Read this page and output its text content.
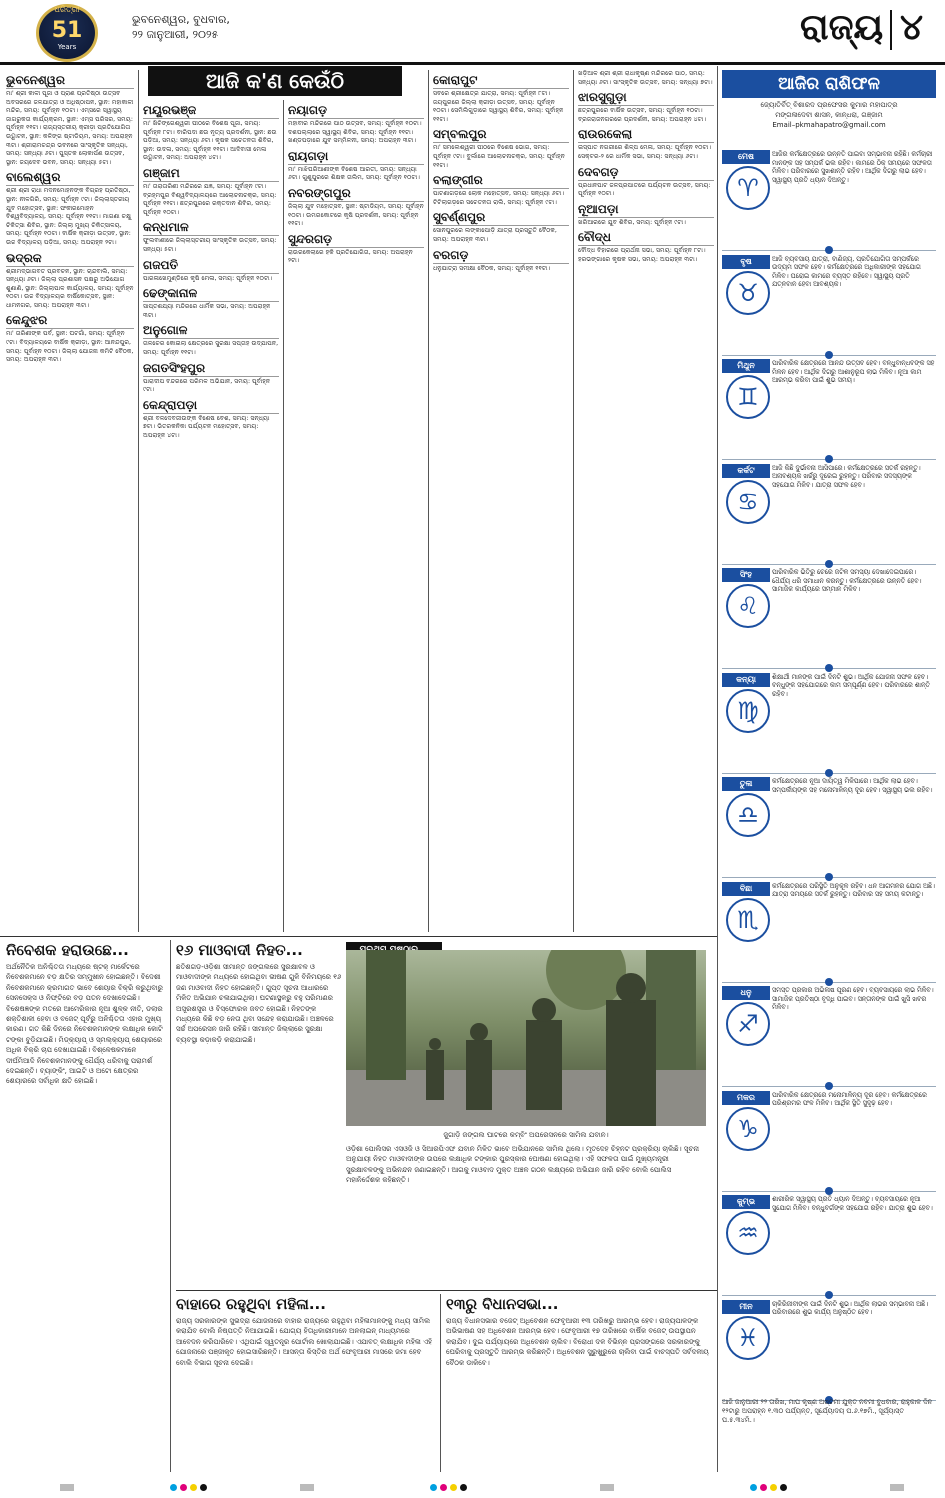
ଧରିତ୍ରୀ
51
Years
ଭୁବନେଶ୍ୱର, ବୁଧବାର,
୨୨ ଜାନୁଆରୀ, ୨୦୨୫	ରାଜ୍ୟ ୪
ଆଜି କ'ଣ କେଉଁଠି
ଭୁବନେଶ୍ୱର
ମା' ଶ୍ରୀ କାଳୀ ପୂଜା ଓ ପ୍ରାଣ ପ୍ରତିଷ୍ଠା ଉତ୍ସବ ଅବସରରେ ଜଳଯାତ୍ରା ଓ ଅଧିଷ୍ଠାପନ, ସ୍ଥାନ: ମହାକାଳୀ ମନ୍ଦିର, ସମୟ: ପୂର୍ବାହ୍ନ ୧୦ଟା। ଏମ୍ସରେ ସ୍ୱାସ୍ଥ୍ୟ ଜାଗରୁକତା କାର୍ଯ୍ୟକ୍ରମ, ସ୍ଥାନ: ଏମ୍ସ ପରିସର, ସମୟ: ପୂର୍ବାହ୍ନ ୧୧ଟା। ରାଜ୍ୟସ୍ତରୀୟ କ୍ରୀଡ଼ା ପ୍ରତିଯୋଗିତା ଉଦ୍ଘାଟନ, ସ୍ଥାନ: କଳିଙ୍ଗ ଷ୍ଟାଡିୟମ, ସମୟ: ଅପରାହ୍ନ ୩ଟା। ଶ୍ରୀରାମଚନ୍ଦ୍ର ଭବନରେ ସାଂସ୍କୃତିକ ସନ୍ଧ୍ୟା, ସମୟ: ସନ୍ଧ୍ୟା ୬ଟା। ପୁସ୍ତକ ଲୋକାର୍ପଣ ଉତ୍ସବ, ସ୍ଥାନ: ଜୟଦେବ ଭବନ, ସମୟ: ସନ୍ଧ୍ୟା ୫ଟା।
ବାଲେଶ୍ୱର
ଶ୍ରୀ ଶ୍ରୀ ରାଧା ମଦନମୋହନଙ୍କ ବିଗ୍ରହ ପ୍ରତିଷ୍ଠା, ସ୍ଥାନ: ନୀଳଗିରି, ସମୟ: ପୂର୍ବାହ୍ନ ୯ଟା। ଜିଲ୍ଲାସ୍ତରୀୟ ଯୁବ ମହୋତ୍ସବ, ସ୍ଥାନ: ଫକୀରମୋହନ ବିଶ୍ୱବିଦ୍ୟାଳୟ, ସମୟ: ପୂର୍ବାହ୍ନ ୧୧ଟା। ମାଗଣା ଚକ୍ଷୁ ଚିକିତ୍ସା ଶିବିର, ସ୍ଥାନ: ଜିଲ୍ଲା ମୁଖ୍ୟ ଚିକିତ୍ସାଳୟ, ସମୟ: ପୂର୍ବାହ୍ନ ୧୦ଟା। ବାର୍ଷିକ କ୍ରୀଡ଼ା ଉତ୍ସବ, ସ୍ଥାନ: ଉଚ୍ଚ ବିଦ୍ୟାଳୟ ପଡ଼ିଆ, ସମୟ: ଅପରାହ୍ନ ୨ଟା।
ଭଦ୍ରକ
ଶ୍ରୀମଦ୍ଭାଗବତ ପ୍ରବଚନ, ସ୍ଥାନ: ଚାନ୍ଦବାଲି, ସମୟ: ସନ୍ଧ୍ୟା ୬ଟା। ଜିଲ୍ଲା ପ୍ରଶାସନ ପକ୍ଷରୁ ଅଭିଯୋଗ ଶୁଣାଣି, ସ୍ଥାନ: ଜିଲ୍ଲାପାଳ କାର୍ଯ୍ୟାଳୟ, ସମୟ: ପୂର୍ବାହ୍ନ ୧୦ଟା। ଉଚ୍ଚ ବିଦ୍ୟାଳୟର ବାର୍ଷିକୋତ୍ସବ, ସ୍ଥାନ: ଧାମନଗର, ସମୟ: ଅପରାହ୍ନ ୩ଟା।
କେନ୍ଦୁଝର
ମା' ତାରିଣୀଙ୍କ ପର୍ବ, ସ୍ଥାନ: ଘଟଗାଁ, ସମୟ: ପୂର୍ବାହ୍ନ ୯ଟା। ବିଦ୍ୟାଳୟରେ ବାର୍ଷିକ କ୍ରୀଡ଼ା, ସ୍ଥାନ: ଆନନ୍ଦପୁର, ସମୟ: ପୂର୍ବାହ୍ନ ୧୦ଟା। ଜିଲ୍ଲା ଯୋଜନା କମିଟି ବୈଠକ, ସମୟ: ଅପରାହ୍ନ ୩ଟା।
ମୟୂରଭଞ୍ଜ
ମା' ଖିଚିଙ୍ଗେଶ୍ୱରୀ ପୀଠରେ ବିଶେଷ ପୂଜା, ସମୟ: ପୂର୍ବାହ୍ନ ୮ଟା। ବାରିପଦା ଛଉ ନୃତ୍ୟ ପ୍ରଦର୍ଶନୀ, ସ୍ଥାନ: ଛଉ ପଡ଼ିଆ, ସମୟ: ସନ୍ଧ୍ୟା ୬ଟା। କୃଷକ ସଚେତନତା ଶିବିର, ସ୍ଥାନ: ଉଦଳା, ସମୟ: ପୂର୍ବାହ୍ନ ୧୧ଟା। ଆଦିବାସୀ ମେଳା ଉଦ୍ଘାଟନ, ସମୟ: ଅପରାହ୍ନ ୪ଟା।
ଗଞ୍ଜାମ
ମା' ତାରାତାରିଣୀ ମନ୍ଦିରରେ ଯଜ୍ଞ, ସମୟ: ପୂର୍ବାହ୍ନ ୯ଟା। ବ୍ରହ୍ମପୁର ବିଶ୍ୱବିଦ୍ୟାଳୟରେ ଆଲୋଚନାଚକ୍ର, ସମୟ: ପୂର୍ବାହ୍ନ ୧୧ଟା। ଛତ୍ରପୁରରେ ରକ୍ତଦାନ ଶିବିର, ସମୟ: ପୂର୍ବାହ୍ନ ୧୦ଟା।
କନ୍ଧମାଳ
ଫୁଲବାଣୀରେ ଜିଲ୍ଲାସ୍ତରୀୟ ସାଂସ୍କୃତିକ ଉତ୍ସବ, ସମୟ: ସନ୍ଧ୍ୟା ୫ଟା।
ଗଜପତି
ପାରଳାଖେମୁଣ୍ଡିରେ କୃଷି ମେଳା, ସମୟ: ପୂର୍ବାହ୍ନ ୧୦ଟା।
ଢେଙ୍କାନାଳ
ସାପ୍ତଶଯ୍ୟା ମନ୍ଦିରରେ ଧାର୍ମିକ ସଭା, ସମୟ: ଅପରାହ୍ନ ୩ଟା।
ଅନୁଗୋଳ
ତାଳଚେର କୋଇଲା କ୍ଷେତ୍ରରେ ସୁରକ୍ଷା ସପ୍ତାହ ଉଦ୍ଯାପନ, ସମୟ: ପୂର୍ବାହ୍ନ ୧୧ଟା।
ଜଗତସିଂହପୁର
ପାରାଦୀପ ବନ୍ଦରରେ ପରିମଳ ଅଭିଯାନ, ସମୟ: ପୂର୍ବାହ୍ନ ୯ଟା।
କେନ୍ଦ୍ରାପଡ଼ା
ଶ୍ରୀ ବଳଦେବଜୀଉଙ୍କ ବିଶେଷ ବେଶ, ସମୟ: ସନ୍ଧ୍ୟା ୭ଟା। ଭିତରକନିକା ପର୍ଯ୍ୟଟନ ମହୋତ୍ସବ, ସମୟ: ଅପରାହ୍ନ ୪ଟା।
ନୟାଗଡ଼
ମହାବୀର ମନ୍ଦିରରେ ପାଠ ଉତ୍ସବ, ସମୟ: ପୂର୍ବାହ୍ନ ୧୦ଟା। ଦଶପଲ୍ଲାରେ ସ୍ୱାସ୍ଥ୍ୟ ଶିବିର, ସମୟ: ପୂର୍ବାହ୍ନ ୧୧ଟା। ଖଣ୍ଡପଡ଼ାରେ ଯୁବ ସମ୍ମିଳନୀ, ସମୟ: ଅପରାହ୍ନ ୩ଟା।
ରାୟଗଡ଼ା
ମା' ମାଝିଘରିଆଣୀଙ୍କ ବିଶେଷ ଆରତୀ, ସମୟ: ସନ୍ଧ୍ୟା ୬ଟା। ଗୁଣୁପୁରରେ ଶିକ୍ଷକ ତାଲିମ, ସମୟ: ପୂର୍ବାହ୍ନ ୧୦ଟା।
ନବରଙ୍ଗପୁର
ଜିଲ୍ଲା ଯୁବ ମହୋତ୍ସବ, ସ୍ଥାନ: ଷ୍ଟାଡିୟମ, ସମୟ: ପୂର୍ବାହ୍ନ ୧୦ଟା। ଉମରକୋଟରେ କୃଷି ପ୍ରଦର୍ଶନୀ, ସମୟ: ପୂର୍ବାହ୍ନ ୧୧ଟା।
ସୁନ୍ଦରଗଡ଼
ରାଉରକେଲାରେ ହକି ପ୍ରତିଯୋଗିତା, ସମୟ: ଅପରାହ୍ନ ୨ଟା।
କୋରାପୁଟ
ସବରେ ଶ୍ରୀକ୍ଷେତ୍ର ଯାତ୍ରା, ସମୟ: ପୂର୍ବାହ୍ନ ୮ଟା। ଜୟପୁରରେ ଜିଲ୍ଲା କ୍ରୀଡ଼ା ଉତ୍ସବ, ସମୟ: ପୂର୍ବାହ୍ନ ୧୦ଟା। ସେମିଲିଗୁଡ଼ାରେ ସ୍ୱାସ୍ଥ୍ୟ ଶିବିର, ସମୟ: ପୂର୍ବାହ୍ନ ୧୧ଟା।
ସମ୍ବଲପୁର
ମା' ସମଲେଶ୍ୱରୀ ପୀଠରେ ବିଶେଷ ଭୋଗ, ସମୟ: ପୂର୍ବାହ୍ନ ୯ଟା। ବୁର୍ଲାରେ ଆଲୋଚନାଚକ୍ର, ସମୟ: ପୂର୍ବାହ୍ନ ୧୧ଟା।
ବଲାଙ୍ଗୀର
ପାଟଣାଗଡ଼ରେ ଲୋକ ମହୋତ୍ସବ, ସମୟ: ସନ୍ଧ୍ୟା ୬ଟା। ଟିଟିଲାଗଡ଼ରେ ସଚେତନତା ରାଲି, ସମୟ: ପୂର୍ବାହ୍ନ ୯ଟା।
ସୁବର୍ଣ୍ଣପୁର
ସୋନପୁରରେ ଲଙ୍କାପୋଡ଼ି ଯାତ୍ରା ପ୍ରସ୍ତୁତି ବୈଠକ, ସମୟ: ଅପରାହ୍ନ ୩ଟା।
ବରଗଡ଼
ଧନୁଯାତ୍ରା ସମୀକ୍ଷା ବୈଠକ, ସମୟ: ପୂର୍ବାହ୍ନ ୧୧ଟା।
ଖଡ଼ିଆଳ ଶ୍ରୀ ଶ୍ରୀ ରାଧାକୃଷ୍ଣ ମନ୍ଦିରରେ ପାଠ, ସମୟ: ସନ୍ଧ୍ୟା ୬ଟା। ସାଂସ୍କୃତିକ ଉତ୍ସବ, ସମୟ: ସନ୍ଧ୍ୟା ୭ଟା।
ଝାରସୁଗୁଡ଼ା
ଛତ୍ରପୁରରେ ବାର୍ଷିକ ଉତ୍ସବ, ସମୟ: ପୂର୍ବାହ୍ନ ୧୦ଟା। ବ୍ରଜରାଜନଗରରେ ପ୍ରଦର୍ଶନୀ, ସମୟ: ଅପରାହ୍ନ ୪ଟା।
ରାଉରକେଲା
ଇସ୍ପାତ ନଗରୀରେ ଶିଳ୍ପ ମେଳା, ସମୟ: ପୂର୍ବାହ୍ନ ୧୦ଟା। ସେକ୍ଟର-୨ ରେ ଧାର୍ମିକ ସଭା, ସମୟ: ସନ୍ଧ୍ୟା ୬ଟା।
ଦେବଗଡ଼
ପ୍ରଧାନପାଟ ଜଳପ୍ରପାତରେ ପର୍ଯ୍ୟଟନ ଉତ୍ସବ, ସମୟ: ପୂର୍ବାହ୍ନ ୧୦ଟା।
ନୂଆପଡ଼ା
ଖରିଆରରେ ଯୁବ ଶିବିର, ସମୟ: ପୂର୍ବାହ୍ନ ୯ଟା।
ବୌଦ୍ଧ
ବୌଦ୍ଧ ବିହାରରେ ପ୍ରାର୍ଥନା ସଭା, ସମୟ: ପୂର୍ବାହ୍ନ ୮ଟା। ହରଭଙ୍ଗାରେ କୃଷକ ସଭା, ସମୟ: ଅପରାହ୍ନ ୩ଟା।
ଆଜିର ରାଶିଫଳ
ଜ୍ୟୋତିର୍ବିତ୍ ବିଶାରଦ ପ୍ରଫେସର କୁମାର ମହାପାତ୍ର
ମଙ୍ଗଳାଦେବୀ ଶାସନ, କାନ୍ଧରା, ଗଞ୍ଜାମ
Email–pkmahapatro@gmail.com
ମେଷ
♈
ଆଜିର କର୍ମକ୍ଷେତ୍ରରେ ଉନ୍ନତି ପାଇବା ସମ୍ଭାବନା ରହିଛି। କର୍ମଚାରୀ ମାନଙ୍କ ସହ ସମ୍ପର୍କ ଭଲ ରହିବ। କାମରେ ଠିକ୍ ସମୟରେ ସଫଳତା ମିଳିବ। ପରିବାରରେ ସୁଖଶାନ୍ତି ରହିବ। ଆର୍ଥିକ ଦିଗରୁ ଲାଭ ହେବ। ସ୍ୱାସ୍ଥ୍ୟ ପ୍ରତି ଧ୍ୟାନ ଦିଅନ୍ତୁ।
ବୃଷ
♉
ଆଜି ବ୍ୟବସାୟ ଯାତ୍ରା, ବାଣିଜ୍ୟ, ପ୍ରତିଯୋଗିତା ସମ୍ପର୍କରେ ଉଦ୍ୟମ ସଫଳ ହେବ। କର୍ମକ୍ଷେତ୍ରରେ ଅଧିକାରୀଙ୍କ ସହଯୋଗ ମିଳିବ। ଘରୋଇ କାମରେ ବ୍ୟସ୍ତ ରହିବେ। ସ୍ୱାସ୍ଥ୍ୟ ପ୍ରତି ଯତ୍ନବାନ ହେବା ଆବଶ୍ୟକ।
ମିଥୁନ
♊
ପାରିବାରିକ କ୍ଷେତ୍ରରେ ଆନନ୍ଦ ଉତ୍ସବ ହେବ। ବନ୍ଧୁବାନ୍ଧବଙ୍କ ସହ ମିଳନ ହେବ। ଆର୍ଥିକ ଦିଗରୁ ଆଶାନୁରୂପ ଲାଭ ମିଳିବ। ନୂଆ କାମ ଆରମ୍ଭ କରିବା ପାଇଁ ଶୁଭ ସମୟ।
କର୍କଟ
♋
ଆଜି କିଛି ଦୁର୍ଭାବନା ଆସିପାରେ। କର୍ମକ୍ଷେତ୍ରରେ ସତର୍କ ରହନ୍ତୁ। ଅନାବଶ୍ୟକ ଖର୍ଚ୍ଚରୁ ଦୂରେଇ ରୁହନ୍ତୁ। ପରିବାର ସଦସ୍ୟଙ୍କ ସହଯୋଗ ମିଳିବ। ଯାତ୍ରା ସଫଳ ହେବ।
ସିଂହ
♌
ପାରିବାରିକ ଭିତିରୁ ଚେରେ ଜଟିଳ ସମସ୍ୟା ଦେଖାଦେଇପାରେ। ଧୈର୍ଯ୍ୟ ଧରି ସମାଧାନ କରନ୍ତୁ। କର୍ମକ୍ଷେତ୍ରରେ ଉନ୍ନତି ହେବ। ସାମାଜିକ କାର୍ଯ୍ୟରେ ସମ୍ମାନ ମିଳିବ।
କନ୍ୟା
♍
ଶିକ୍ଷାର୍ଥୀ ମାନଙ୍କ ପାଇଁ ଦିନଟି ଶୁଭ। ଆର୍ଥିକ ଯୋଜନା ସଫଳ ହେବ। ବନ୍ଧୁଙ୍କ ସହଯୋଗରେ କାମ ସମ୍ପୂର୍ଣ୍ଣ ହେବ। ପରିବାରରେ ଶାନ୍ତି ରହିବ।
ତୁଳା
♎
କର୍ମକ୍ଷେତ୍ରରେ ନୂଆ ଦାୟିତ୍ୱ ମିଳିପାରେ। ଆର୍ଥିକ ଲାଭ ହେବ। ସମ୍ପର୍କୀୟଙ୍କ ସହ ମନୋମାଳିନ୍ୟ ଦୂର ହେବ। ସ୍ୱାସ୍ଥ୍ୟ ଭଲ ରହିବ।
ବିଛା
♏
କର୍ମକ୍ଷେତ୍ରରେ ପରିସ୍ଥିତି ଅନୁକୂଳ ରହିବ। ଧନ ଆଗମନର ଯୋଗ ଅଛି। ଯାତ୍ରା ସମୟରେ ସତର୍କ ରୁହନ୍ତୁ। ପରିବାର ସହ ସମୟ କଟାନ୍ତୁ।
ଧନୁ
♐
ସମସ୍ତ ପ୍ରକାର ଅଭିଳାଷ ପୂରଣ ହେବ। ବ୍ୟବସାୟରେ ଲାଭ ମିଳିବ। ସାମାଜିକ ପ୍ରତିଷ୍ଠା ବୃଦ୍ଧି ପାଇବ। ସନ୍ତାନଙ୍କ ପାଇଁ ଖୁସି ଖବର ମିଳିବ।
ମକର
♑
ପାରିବାରିକ କ୍ଷେତ୍ରରେ ମନୋମାଳିନ୍ୟ ଦୂର ହେବ। କର୍ମକ୍ଷେତ୍ରରେ ପରିଶ୍ରମର ଫଳ ମିଳିବ। ଆର୍ଥିକ ସ୍ଥିତି ସୁଦୃଢ଼ ହେବ।
କୁମ୍ଭ
♒
ଶାରୀରିକ ସ୍ୱାସ୍ଥ୍ୟ ପ୍ରତି ଧ୍ୟାନ ଦିଅନ୍ତୁ। ବ୍ୟବସାୟରେ ନୂଆ ସୁଯୋଗ ମିଳିବ। ବନ୍ଧୁବର୍ଗଙ୍କ ସହଯୋଗ ରହିବ। ଯାତ୍ରା ଶୁଭ ହେବ।
ମୀନ
♓
ଚାକିରିଜୀବୀଙ୍କ ପାଇଁ ଦିନଟି ଶୁଭ। ଆର୍ଥିକ ଲାଭର ସମ୍ଭାବନା ଅଛି। ପରିବାରରେ ଶୁଭ କାର୍ଯ୍ୟ ଅନୁଷ୍ଠିତ ହେବ।
ଆଜି ଜାନୁଆରୀ ୨୨ ତାରିଖ, ମାଘ କୃଷ୍ଣ ଅଷ୍ଟମୀ ଯୁକ୍ତ ନବମୀ ବୁଧବାର, ରାହୁକାଳ ଦିନ ୧୨ଟାରୁ ଅପରାହ୍ନ ୧.୩୦ ପର୍ଯ୍ୟନ୍ତ, ସୂର୍ଯ୍ୟୋଦୟ ଘ.୬.୧୭ମି., ସୂର୍ଯ୍ୟାସ୍ତ ଘ.୫.୩୪ମି.।
ନିବେଶକ ହରାଉଛେ...
ଅର୍ଥନୈତିକ ଅନିଶ୍ଚିତତା ମଧ୍ୟରେ ଷ୍ଟକ୍ ମାର୍କେଟରେ ନିବେଶକମାନେ ବଡ଼ କ୍ଷତିର ସମ୍ମୁଖୀନ ହୋଇଛନ୍ତି। ବିଦେଶୀ ନିବେଶକମାନେ କ୍ରମାଗତ ଭାବେ ଶେୟାର ବିକ୍ରି କରୁଥିବାରୁ ସେନସେକ୍ସ ଓ ନିଫ୍ଟିରେ ବଡ଼ ପତନ ଦେଖାଦେଇଛି। ବିଶେଷଜ୍ଞଙ୍କ ମତରେ ଆମେରିକାର ନୂଆ ଶୁଳ୍କ ନୀତି, ଡଲାର ଶକ୍ତିଶାଳୀ ହେବା ଓ ବଜେଟ୍ ପୂର୍ବରୁ ଅନିଶ୍ଚିତତା ଏହାର ମୁଖ୍ୟ କାରଣ। ଗତ କିଛି ଦିନରେ ନିବେଶକମାନଙ୍କ ଲକ୍ଷାଧିକ କୋଟି ଟଙ୍କା ବୁଡ଼ିଯାଇଛି। ମିଡ୍କ୍ୟାପ୍ ଓ ସ୍ମଲ୍କ୍ୟାପ୍ ଶେୟାରରେ ଅଧିକ ବିକ୍ରି ଚାପ ଦେଖାଯାଇଛି। ବିଶ୍ଳେଷକମାନେ ଦୀର୍ଘମିଆଦି ନିବେଶକମାନଙ୍କୁ ଧୈର୍ଯ୍ୟ ଧରିବାକୁ ପରାମର୍ଶ ଦେଇଛନ୍ତି। ବ୍ୟାଙ୍କିଂ, ଆଇଟି ଓ ଅଟୋ କ୍ଷେତ୍ରର ଶେୟାରରେ ସର୍ବାଧିକ କ୍ଷତି ହୋଇଛି।
୧୬ ମାଓବାଦୀ ନିହତ...
ଛତିଶଗଡ଼-ଓଡ଼ିଶା ସୀମାନ୍ତ ଜଙ୍ଗଲରେ ସୁରକ୍ଷାବଳ ଓ ମାଓବାଦୀଙ୍କ ମଧ୍ୟରେ ହୋଇଥିବା ଭୀଷଣ ଗୁଳି ବିନିମୟରେ ୧୬ ଜଣ ମାଓବାଦୀ ନିହତ ହୋଇଛନ୍ତି। ଗୁପ୍ତ ସୂଚନା ଆଧାରରେ ମିଳିତ ଅଭିଯାନ ଚଳାଯାଇଥିଲା। ଘଟଣାସ୍ଥଳରୁ ବହୁ ପରିମାଣର ଅସ୍ତ୍ରଶସ୍ତ୍ର ଓ ବିସ୍ଫୋରକ ଜବତ ହୋଇଛି। ନିହତଙ୍କ ମଧ୍ୟରେ କିଛି ବଡ଼ ନେତା ଥିବା ସନ୍ଦେହ କରାଯାଉଛି। ଅଞ୍ଚଳରେ ସର୍ଚ୍ଚ ଅପରେସନ ଜାରି ରହିଛି। ସୀମାନ୍ତ ଜିଲ୍ଲାରେ ସୁରକ୍ଷା ବ୍ୟବସ୍ଥା କଡ଼ାକଡ଼ି କରାଯାଇଛି।
ଜୁଗାଡ଼ି ଜଙ୍ଗଲ ଘାଟରେ କମ୍ବିଂ ଅପରେସନରେ ସାମିଲ ଯବାନ।
ଓଡ଼ିଶା ପୋଲିସର ଏସଓଜି ଓ ସିଆରପିଏଫ ଯବାନ ମିଳିତ ଭାବେ ଅଭିଯାନରେ ସାମିଲ ଥିଲେ। ମୃତଦେହ ଚିହ୍ନଟ ପ୍ରକ୍ରିୟା ଚାଲିଛି। ସୂଚନା ଅନୁଯାୟୀ ନିହତ ମାଓବାଦୀଙ୍କ ଉପରେ ଲକ୍ଷାଧିକ ଟଙ୍କାର ପୁରସ୍କାର ଘୋଷଣା ହୋଇଥିଲା। ଏହି ସଫଳତା ପାଇଁ ମୁଖ୍ୟମନ୍ତ୍ରୀ ସୁରକ୍ଷାବଳଙ୍କୁ ଅଭିନନ୍ଦନ ଜଣାଇଛନ୍ତି। ଆଗକୁ ମାଓବାଦ ମୁକ୍ତ ଅଞ୍ଚଳ ଗଠନ ଲକ୍ଷ୍ୟରେ ଅଭିଯାନ ଜାରି ରହିବ ବୋଲି ପୋଲିସ ମହାନିର୍ଦ୍ଦେଶକ କହିଛନ୍ତି।
ବାହାରେ ରହୁଥିବା ମହିଳା...
ରାଜ୍ୟ ସରକାରଙ୍କ ସୁଭଦ୍ରା ଯୋଜନାରେ ବାହାର ରାଜ୍ୟରେ ରହୁଥିବା ମହିଳାମାନଙ୍କୁ ମଧ୍ୟ ସାମିଲ କରାଯିବ ବୋଲି ନିଷ୍ପତ୍ତି ନିଆଯାଇଛି। ଯୋଗ୍ୟ ହିତାଧିକାରୀମାନେ ଅନଲାଇନ୍ ମାଧ୍ୟମରେ ଆବେଦନ କରିପାରିବେ। ଏଥିପାଇଁ ସ୍ୱତନ୍ତ୍ର ପୋର୍ଟାଲ ଖୋଲାଯାଇଛି। ଏଯାବତ୍ ଲକ୍ଷାଧିକ ମହିଳା ଏହି ଯୋଜନାରେ ପଞ୍ଜୀକୃତ ହୋଇସାରିଛନ୍ତି। ଆସନ୍ତା କିସ୍ତିର ଅର୍ଥ ଫେବୃଆରୀ ମାସରେ ଜମା ହେବ ବୋଲି ବିଭାଗ ସୂଚନା ଦେଇଛି।
୧୩ରୁ ବିଧାନସଭା...
ରାଜ୍ୟ ବିଧାନସଭାର ବଜେଟ୍ ଅଧିବେଶନ ଫେବୃଆରୀ ୧୩ ତାରିଖରୁ ଆରମ୍ଭ ହେବ। ରାଜ୍ୟପାଳଙ୍କ ଅଭିଭାଷଣ ସହ ଅଧିବେଶନ ଆରମ୍ଭ ହେବ। ଫେବୃଆରୀ ୧୭ ତାରିଖରେ ବାର୍ଷିକ ବଜେଟ୍ ଉପସ୍ଥାପନ କରାଯିବ। ଦୁଇ ପର୍ଯ୍ୟାୟରେ ଅଧିବେଶନ ଚାଲିବ। ବିରୋଧୀ ଦଳ ବିଭିନ୍ନ ପ୍ରସଙ୍ଗରେ ସରକାରଙ୍କୁ ଘେରିବାକୁ ପ୍ରସ୍ତୁତି ଆରମ୍ଭ କରିଛନ୍ତି। ଅଧିବେଶନ ସୁରୁଖୁରୁରେ ଚାଲିବା ପାଇଁ ବାଚସ୍ପତି ସର୍ବଦଳୀୟ ବୈଠକ ଡାକିବେ।
